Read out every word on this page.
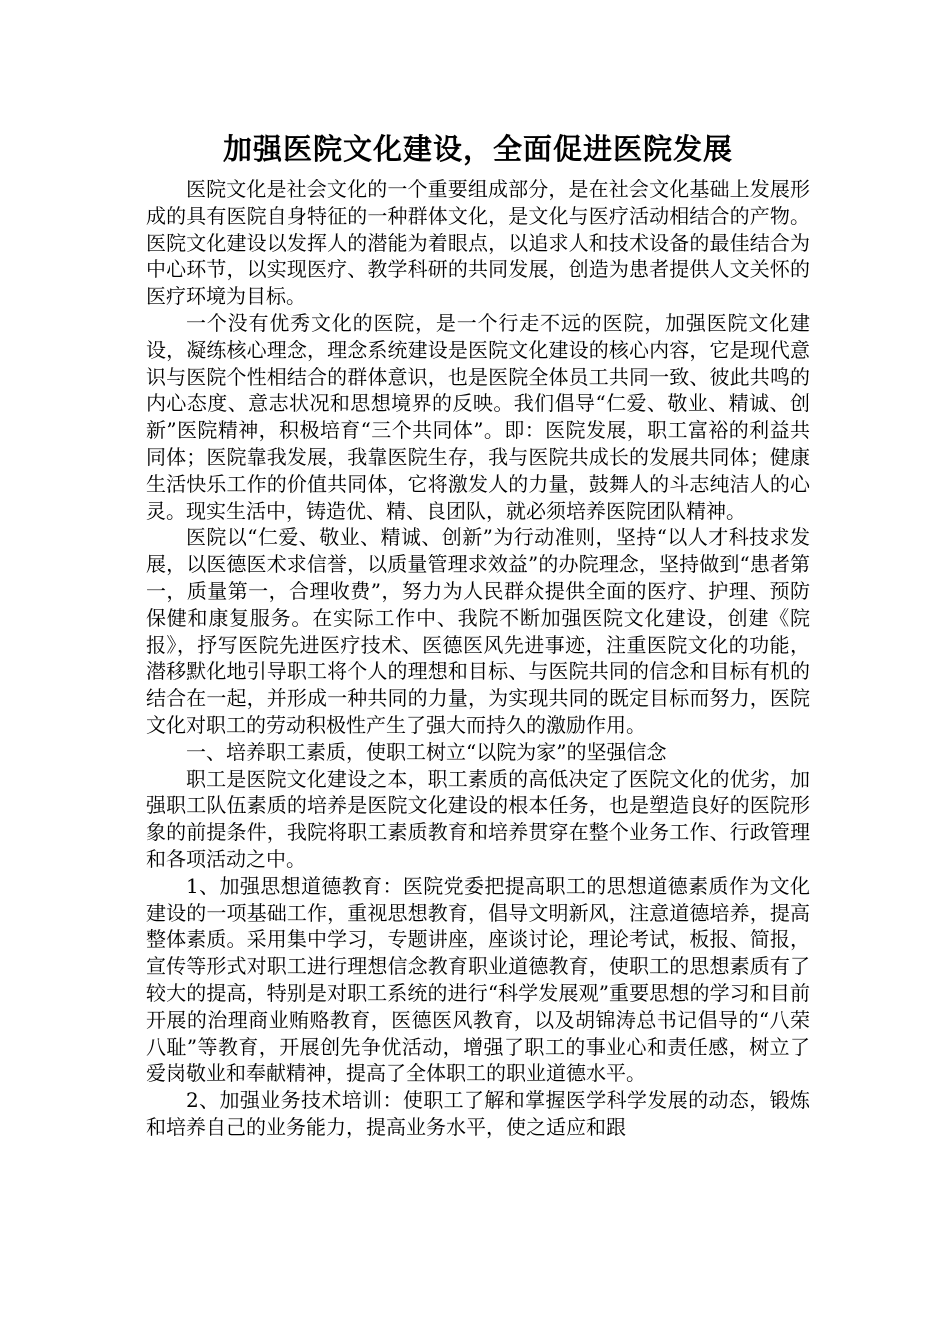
加强医院文化建设，全面促进医院发展

医院文化是社会文化的一个重要组成部分，是在社会文化基础上发展形成的具有医院自身特征的一种群体文化，是文化与医疗活动相结合的产物。医院文化建设以发挥人的潜能为着眼点，以追求人和技术设备的最佳结合为中心环节，以实现医疗、教学科研的共同发展，创造为患者提供人文关怀的医疗环境为目标。

一个没有优秀文化的医院，是一个行走不远的医院，加强医院文化建设，凝练核心理念，理念系统建设是医院文化建设的核心内容，它是现代意识与医院个性相结合的群体意识，也是医院全体员工共同一致、彼此共鸣的内心态度、意志状况和思想境界的反映。我们倡导“仁爱、敬业、精诚、创新”医院精神，积极培育“三个共同体”。即：医院发展，职工富裕的利益共同体；医院靠我发展，我靠医院生存，我与医院共成长的发展共同体；健康生活快乐工作的价值共同体，它将激发人的力量，鼓舞人的斗志纯洁人的心灵。现实生活中，铸造优、精、良团队，就必须培养医院团队精神。

医院以“仁爱、敬业、精诚、创新”为行动准则，坚持“以人才科技求发展，以医德医术求信誉，以质量管理求效益”的办院理念，坚持做到“患者第一，质量第一，合理收费”，努力为人民群众提供全面的医疗、护理、预防保健和康复服务。在实际工作中、我院不断加强医院文化建设，创建《院报》，抒写医院先进医疗技术、医德医风先进事迹，注重医院文化的功能，潜移默化地引导职工将个人的理想和目标、与医院共同的信念和目标有机的结合在一起，并形成一种共同的力量，为实现共同的既定目标而努力，医院文化对职工的劳动积极性产生了强大而持久的激励作用。

一、培养职工素质，使职工树立“以院为家”的坚强信念

职工是医院文化建设之本，职工素质的高低决定了医院文化的优劣，加强职工队伍素质的培养是医院文化建设的根本任务，也是塑造良好的医院形象的前提条件，我院将职工素质教育和培养贯穿在整个业务工作、行政管理和各项活动之中。

1、加强思想道德教育：医院党委把提高职工的思想道德素质作为文化建设的一项基础工作，重视思想教育，倡导文明新风，注意道德培养，提高整体素质。采用集中学习，专题讲座，座谈讨论，理论考试，板报、简报，宣传等形式对职工进行理想信念教育职业道德教育，使职工的思想素质有了较大的提高，特别是对职工系统的进行“科学发展观”重要思想的学习和目前开展的治理商业贿赂教育，医德医风教育，以及胡锦涛总书记倡导的“八荣八耻”等教育，开展创先争优活动，增强了职工的事业心和责任感，树立了爱岗敬业和奉献精神，提高了全体职工的职业道德水平。

2、加强业务技术培训：使职工了解和掌握医学科学发展的动态，锻炼和培养自己的业务能力，提高业务水平，使之适应和跟
